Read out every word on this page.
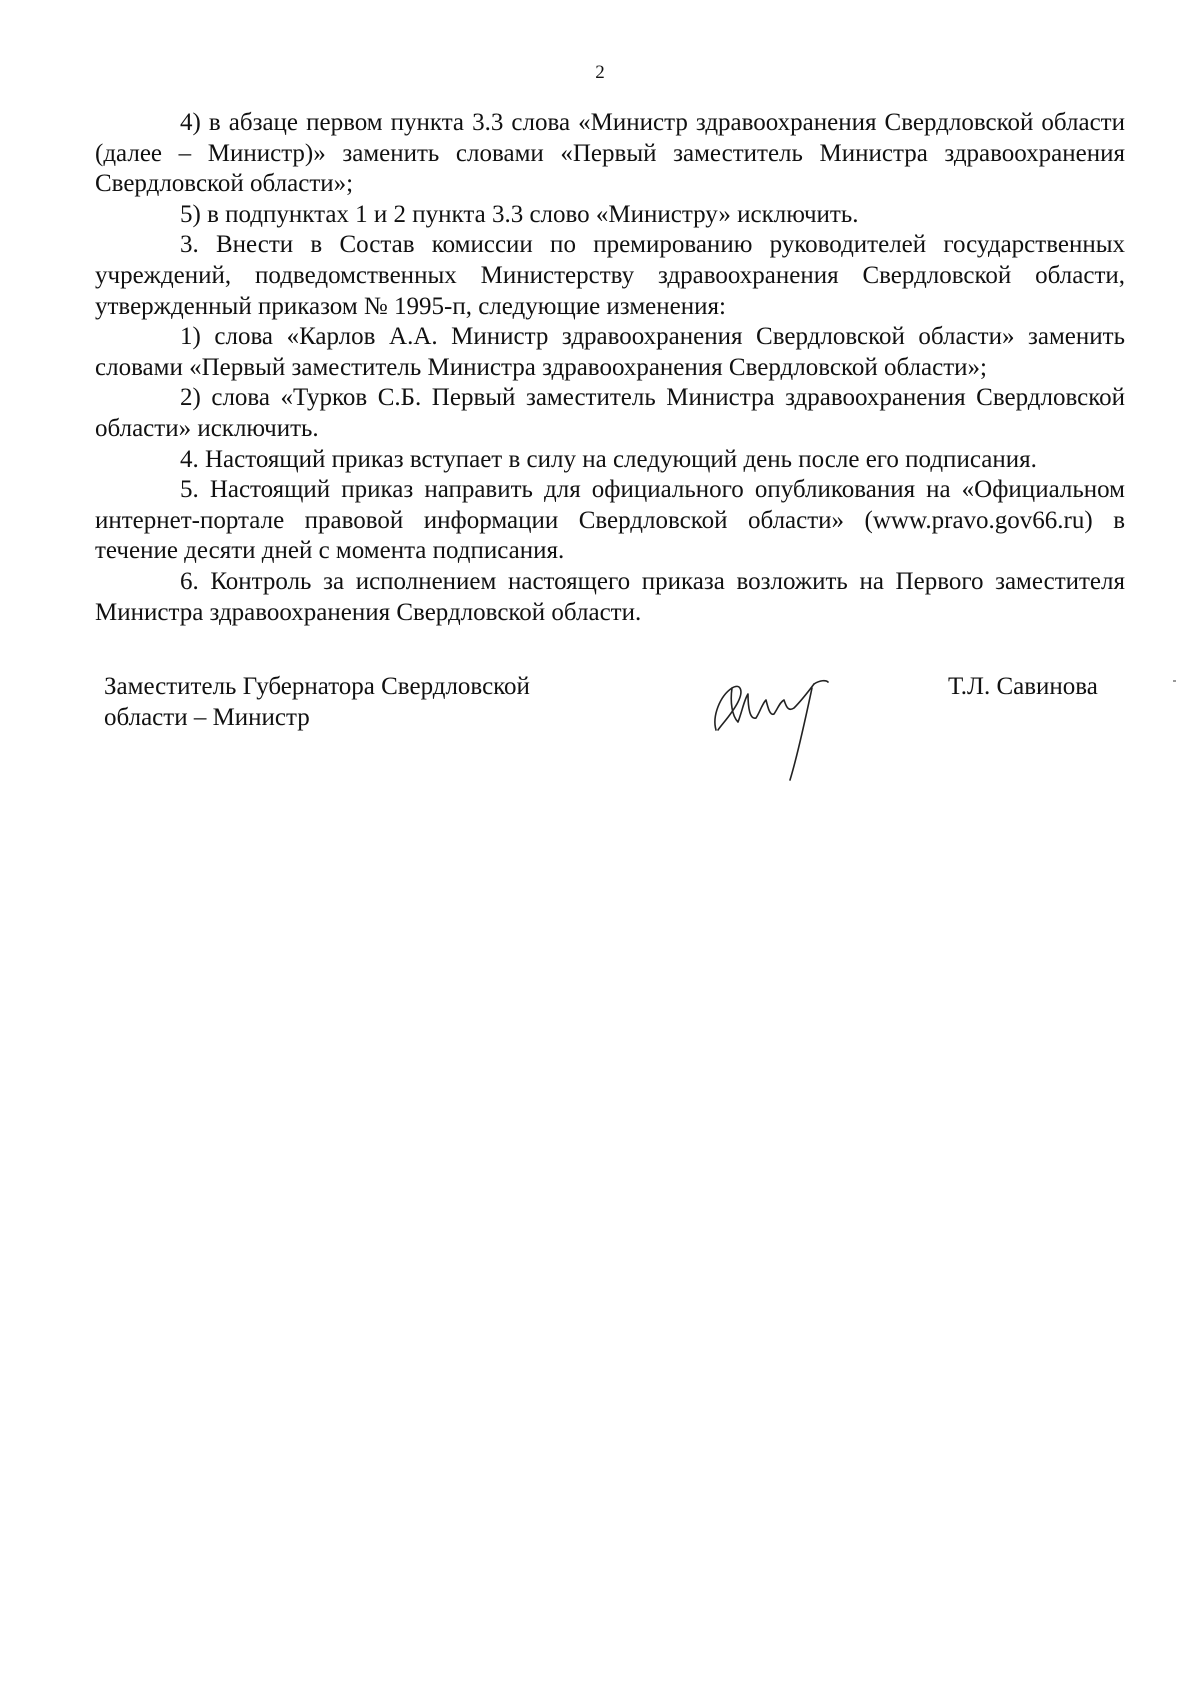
2

4) в абзаце первом пункта 3.3 слова «Министр здравоохранения Свердловской области (далее – Министр)» заменить словами «Первый заместитель Министра здравоохранения Свердловской области»;

5) в подпунктах 1 и 2 пункта 3.3 слово «Министру» исключить.

3. Внести в Состав комиссии по премированию руководителей государственных учреждений, подведомственных Министерству здравоохранения Свердловской области, утвержденный приказом № 1995-п, следующие изменения:

1) слова «Карлов А.А. Министр здравоохранения Свердловской области» заменить словами «Первый заместитель Министра здравоохранения Свердловской области»;

2) слова «Турков С.Б. Первый заместитель Министра здравоохранения Свердловской области» исключить.

4. Настоящий приказ вступает в силу на следующий день после его подписания.

5. Настоящий приказ направить для официального опубликования на «Официальном интернет-портале правовой информации Свердловской области» (www.pravo.gov66.ru) в течение десяти дней с момента подписания.

6. Контроль за исполнением настоящего приказа возложить на Первого заместителя Министра здравоохранения Свердловской области.

Заместитель Губернатора Свердловской
области – Министр
Т.Л. Савинова
